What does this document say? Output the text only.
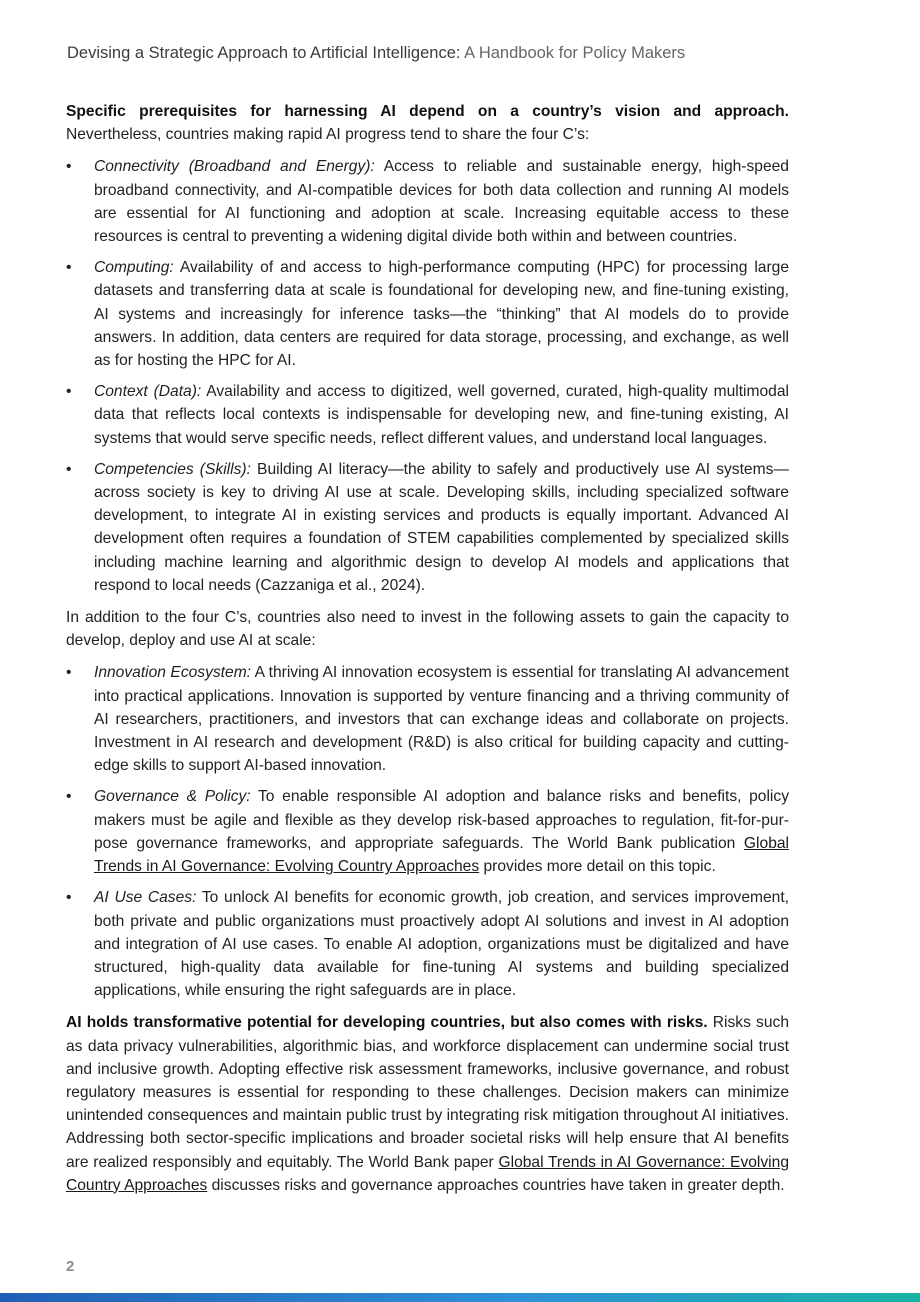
Devising a Strategic Approach to Artificial Intelligence: A Handbook for Policy Makers

Specific prerequisites for harnessing AI depend on a country’s vision and approach. Nevertheless, countries making rapid AI progress tend to share the four C’s:

• Connectivity (Broadband and Energy): Access to reliable and sustainable energy, high-speed broadband connectivity, and AI-compatible devices for both data collection and running AI models are essential for AI functioning and adoption at scale. Increasing equitable access to these resources is central to preventing a widening digital divide both within and between countries.
• Computing: Availability of and access to high-performance computing (HPC) for processing large datasets and transferring data at scale is foundational for developing new, and fine-tuning existing, AI systems and increasingly for inference tasks—the “thinking” that AI models do to provide answers. In addition, data centers are required for data storage, processing, and exchange, as well as for hosting the HPC for AI.
• Context (Data): Availability and access to digitized, well governed, curated, high-quality multimodal data that reflects local contexts is indispensable for developing new, and fine-tuning existing, AI systems that would serve specific needs, reflect different values, and understand local languages.
• Competencies (Skills): Building AI literacy—the ability to safely and productively use AI systems—across society is key to driving AI use at scale. Developing skills, including specialized software development, to integrate AI in existing services and products is equally important. Advanced AI development often requires a foundation of STEM capabilities complemented by specialized skills including machine learning and algorithmic design to develop AI models and applications that respond to local needs (Cazzaniga et al., 2024).

In addition to the four C’s, countries also need to invest in the following assets to gain the capacity to develop, deploy and use AI at scale:

• Innovation Ecosystem: A thriving AI innovation ecosystem is essential for translating AI advancement into practical applications. Innovation is supported by venture financing and a thriving community of AI researchers, practitioners, and investors that can exchange ideas and collaborate on projects. Investment in AI research and development (R&D) is also critical for building capacity and cutting-edge skills to support AI-based innovation.
• Governance & Policy: To enable responsible AI adoption and balance risks and benefits, policy makers must be agile and flexible as they develop risk-based approaches to regulation, fit-for-purpose governance frameworks, and appropriate safeguards. The World Bank publication Global Trends in AI Governance: Evolving Country Approaches provides more detail on this topic.
• AI Use Cases: To unlock AI benefits for economic growth, job creation, and services improvement, both private and public organizations must proactively adopt AI solutions and invest in AI adoption and integration of AI use cases. To enable AI adoption, organizations must be digitalized and have structured, high-quality data available for fine-tuning AI systems and building specialized applications, while ensuring the right safeguards are in place.

AI holds transformative potential for developing countries, but also comes with risks. Risks such as data privacy vulnerabilities, algorithmic bias, and workforce displacement can undermine social trust and inclusive growth. Adopting effective risk assessment frameworks, inclusive governance, and robust regulatory measures is essential for responding to these challenges. Decision makers can minimize unintended consequences and maintain public trust by integrating risk mitigation throughout AI initiatives. Addressing both sector-specific implications and broader societal risks will help ensure that AI benefits are realized responsibly and equitably. The World Bank paper Global Trends in AI Governance: Evolving Country Approaches discusses risks and governance approaches countries have taken in greater depth.

2
